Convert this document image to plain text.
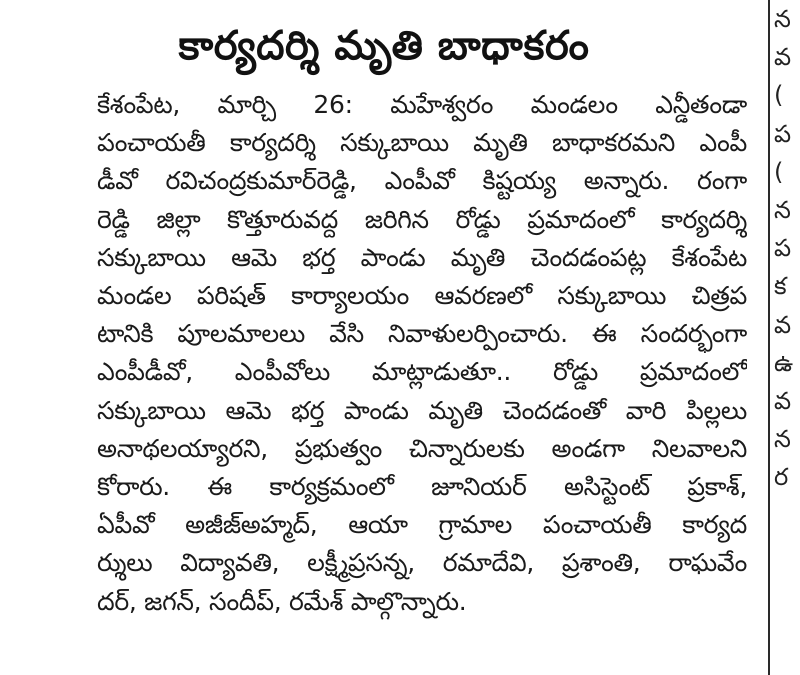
కార్యదర్శి మృతి బాధాకరం
కేశంపేట, మార్చి 26: మహేశ్వరం మండలం ఎన్డీతండా
పంచాయతీ కార్యదర్శి సక్కుబాయి మృతి బాధాకరమని ఎంపీ
డీవో రవిచంద్రకుమార్‌రెడ్డి, ఎంపీవో కిష్టయ్య అన్నారు. రంగా
రెడ్డి జిల్లా కొత్తూరువద్ద జరిగిన రోడ్డు ప్రమాదంలో కార్యదర్శి
సక్కుబాయి ఆమె భర్త పాండు మృతి చెందడంపట్ల కేశంపేట
మండల పరిషత్ కార్యాలయం ఆవరణలో సక్కుబాయి చిత్రప
టానికి పూలమాలలు వేసి నివాళులర్పించారు. ఈ సందర్భంగా
ఎంపీడీవో, ఎంపీవోలు మాట్లాడుతూ.. రోడ్డు ప్రమాదంలో
సక్కుబాయి ఆమె భర్త పాండు మృతి చెందడంతో వారి పిల్లలు
అనాథలయ్యారని, ప్రభుత్వం చిన్నారులకు అండగా నిలవాలని
కోరారు. ఈ కార్యక్రమంలో జూనియర్ అసిస్టెంట్ ప్రకాశ్,
ఏపీవో అజీజ్‌అహ్మద్, ఆయా గ్రామాల పంచాయతీ కార్యద
ర్శులు విద్యావతి, లక్ష్మీప్రసన్న, రమాదేవి, ప్రశాంతి, రాఘవేం
దర్, జగన్, సందీప్, రమేశ్ పాల్గొన్నారు.
న
వ
(
ప
(
న
ప
క
వ
ఉ
వ
న
ర
